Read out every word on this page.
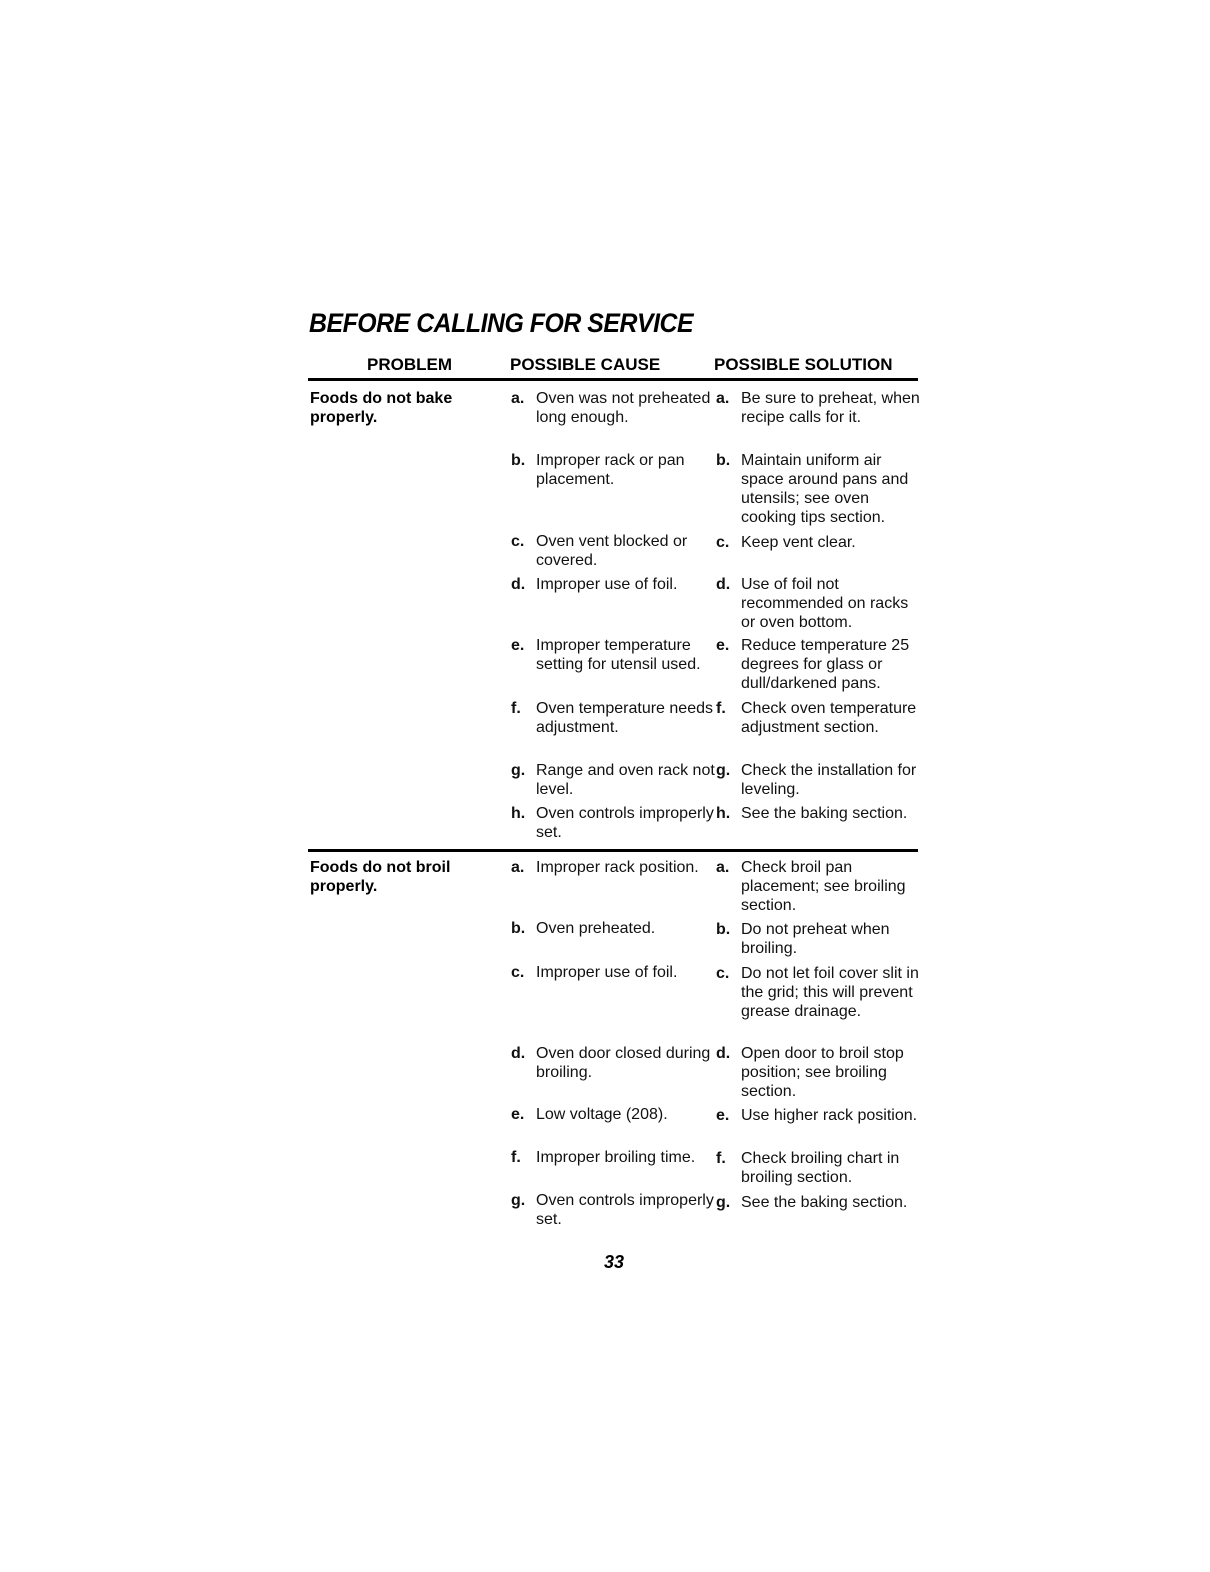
BEFORE CALLING FOR SERVICE
PROBLEM	POSSIBLE CAUSE	POSSIBLE SOLUTION
Foods do not bake properly.
a. Oven was not preheated long enough.
b. Improper rack or pan placement.
c. Oven vent blocked or covered.
d. Improper use of foil.
e. Improper temperature setting for utensil used.
f. Oven temperature needs adjustment.
g. Range and oven rack not level.
h. Oven controls improperly set.
a. Be sure to preheat, when recipe calls for it.
b. Maintain uniform air space around pans and utensils; see oven cooking tips section.
c. Keep vent clear.
d. Use of foil not recommended on racks or oven bottom.
e. Reduce temperature 25 degrees for glass or dull/darkened pans.
f. Check oven temperature adjustment section.
g. Check the installation for leveling.
h. See the baking section.
Foods do not broil properly.
a. Improper rack position.
b. Oven preheated.
c. Improper use of foil.
d. Oven door closed during broiling.
e. Low voltage (208).
f. Improper broiling time.
g. Oven controls improperly set.
a. Check broil pan placement; see broiling section.
b. Do not preheat when broiling.
c. Do not let foil cover slit in the grid; this will prevent grease drainage.
d. Open door to broil stop position; see broiling section.
e. Use higher rack position.
f. Check broiling chart in broiling section.
g. See the baking section.
33
